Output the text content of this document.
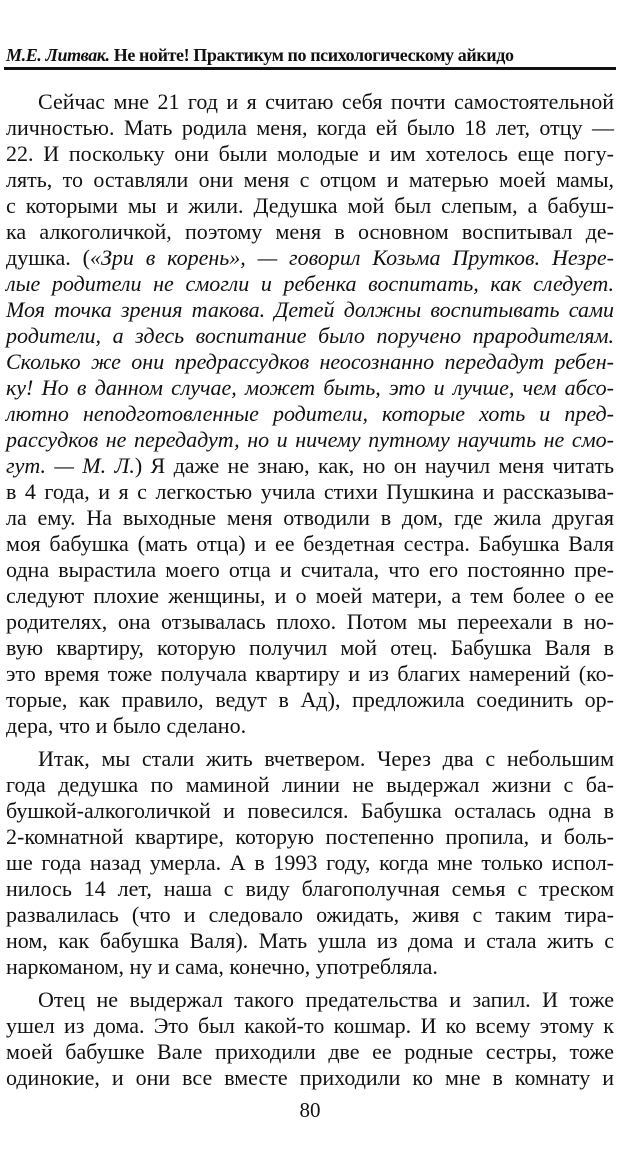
М.Е. Литвак. Не нойте! Практикум по психологическому айкидо
Сейчас мне 21 год и я считаю себя почти самостоятельной
личностью. Мать родила меня, когда ей было 18 лет, отцу —
22. И поскольку они были молодые и им хотелось еще погу-
лять, то оставляли они меня с отцом и матерью моей мамы,
с которыми мы и жили. Дедушка мой был слепым, а бабуш-
ка алкоголичкой, поэтому меня в основном воспитывал де-
душка. («Зри в корень», — говорил Козьма Прутков. Незре-
лые родители не смогли и ребенка воспитать, как следует.
Моя точка зрения такова. Детей должны воспитывать сами
родители, а здесь воспитание было поручено прародителям.
Сколько же они предрассудков неосознанно передадут ребен-
ку! Но в данном случае, может быть, это и лучше, чем абсо-
лютно неподготовленные родители, которые хоть и пред-
рассудков не передадут, но и ничему путному научить не смо-
гут. — М. Л.) Я даже не знаю, как, но он научил меня читать
в 4 года, и я с легкостью учила стихи Пушкина и рассказыва-
ла ему. На выходные меня отводили в дом, где жила другая
моя бабушка (мать отца) и ее бездетная сестра. Бабушка Валя
одна вырастила моего отца и считала, что его постоянно пре-
следуют плохие женщины, и о моей матери, а тем более о ее
родителях, она отзывалась плохо. Потом мы переехали в но-
вую квартиру, которую получил мой отец. Бабушка Валя в
это время тоже получала квартиру и из благих намерений (ко-
торые, как правило, ведут в Ад), предложила соединить ор-
дера, что и было сделано.
Итак, мы стали жить вчетвером. Через два с небольшим
года дедушка по маминой линии не выдержал жизни с ба-
бушкой-алкоголичкой и повесился. Бабушка осталась одна в
2-комнатной квартире, которую постепенно пропила, и боль-
ше года назад умерла. А в 1993 году, когда мне только испол-
нилось 14 лет, наша с виду благополучная семья с треском
развалилась (что и следовало ожидать, живя с таким тира-
ном, как бабушка Валя). Мать ушла из дома и стала жить с
наркоманом, ну и сама, конечно, употребляла.
Отец не выдержал такого предательства и запил. И тоже
ушел из дома. Это был какой-то кошмар. И ко всему этому к
моей бабушке Вале приходили две ее родные сестры, тоже
одинокие, и они все вместе приходили ко мне в комнату и
80
